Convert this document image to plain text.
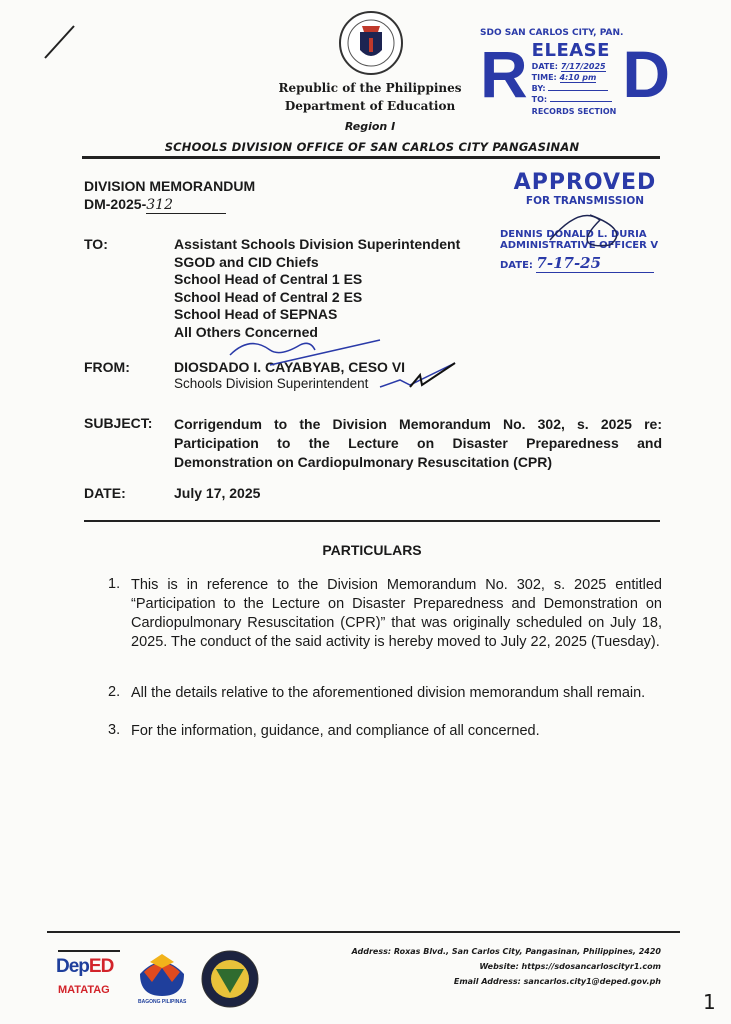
Republic of the Philippines
Department of Education
Region I
SCHOOLS DIVISION OFFICE OF SAN CARLOS CITY PANGASINAN
SDO SAN CARLOS CITY, PAN.
R ELEASE
DATE: 7/17/2025
TIME: 4:10 pm
BY:
TO:
RECORDS SECTION
D
DIVISION MEMORANDUM
DM-2025-312
APPROVED
FOR TRANSMISSION
DENNIS DONALD L. DURIA
ADMINISTRATIVE OFFICER V
DATE: 7-17-25
TO:	Assistant Schools Division Superintendent
SGOD and CID Chiefs
School Head of Central 1 ES
School Head of Central 2 ES
School Head of SEPNAS
All Others Concerned
FROM:	DIOSDADO I. CAYABYAB, CESO VI
Schools Division Superintendent
SUBJECT: Corrigendum to the Division Memorandum No. 302, s. 2025 re: Participation to the Lecture on Disaster Preparedness and Demonstration on Cardiopulmonary Resuscitation (CPR)
DATE:	July 17, 2025
PARTICULARS
1. This is in reference to the Division Memorandum No. 302, s. 2025 entitled “Participation to the Lecture on Disaster Preparedness and Demonstration on Cardiopulmonary Resuscitation (CPR)” that was originally scheduled on July 18, 2025. The conduct of the said activity is hereby moved to July 22, 2025 (Tuesday).
2. All the details relative to the aforementioned division memorandum shall remain.
3. For the information, guidance, and compliance of all concerned.
DepED
MATATAG
BAGONG PILIPINAS
Address: Roxas Blvd., San Carlos City, Pangasinan, Philippines, 2420
Website: https://sdosancarloscityr1.com
Email Address: sancarlos.city1@deped.gov.ph
1
